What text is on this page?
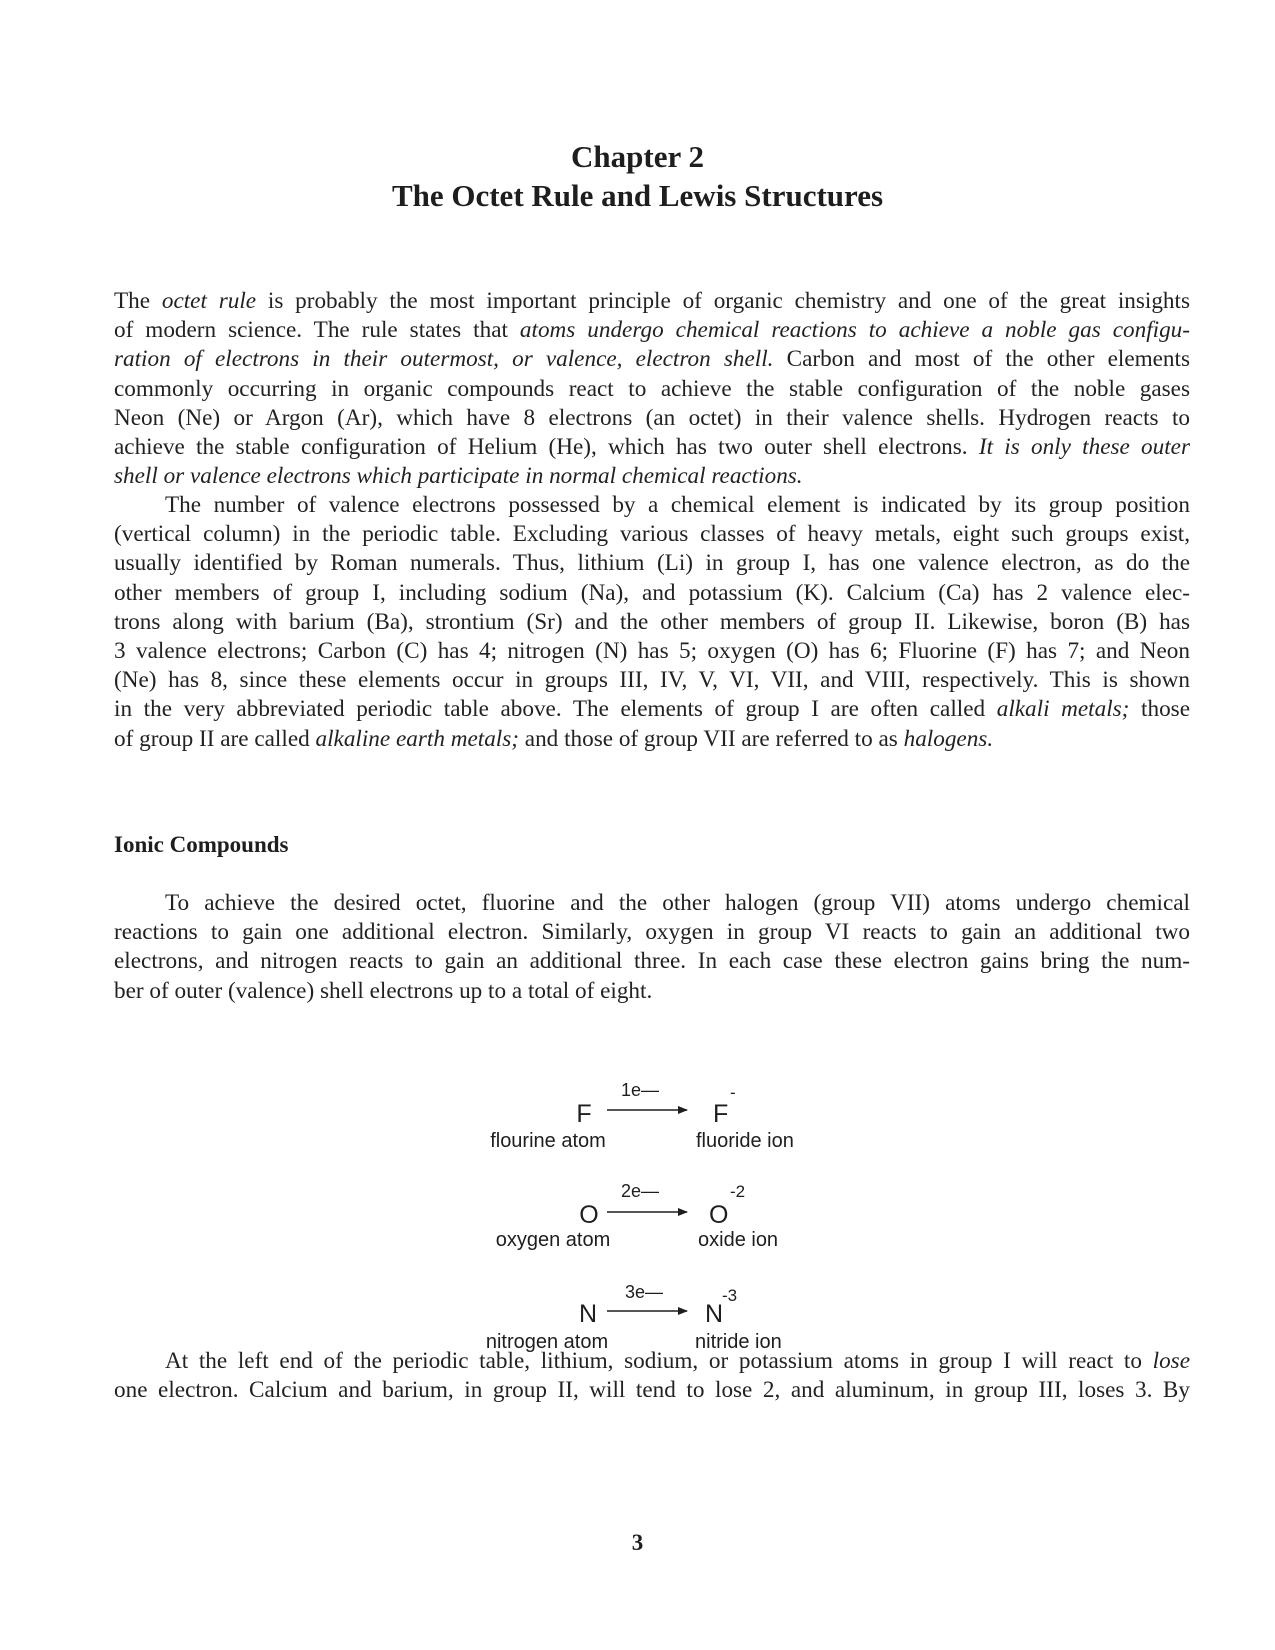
Chapter 2
The Octet Rule and Lewis Structures
The octet rule is probably the most important principle of organic chemistry and one of the great insights
of modern science. The rule states that atoms undergo chemical reactions to achieve a noble gas configu-
ration of electrons in their outermost, or valence, electron shell. Carbon and most of the other elements
commonly occurring in organic compounds react to achieve the stable configuration of the noble gases
Neon (Ne) or Argon (Ar), which have 8 electrons (an octet) in their valence shells. Hydrogen reacts to
achieve the stable configuration of Helium (He), which has two outer shell electrons. It is only these outer
shell or valence electrons which participate in normal chemical reactions.
The number of valence electrons possessed by a chemical element is indicated by its group position
(vertical column) in the periodic table. Excluding various classes of heavy metals, eight such groups exist,
usually identified by Roman numerals. Thus, lithium (Li) in group I, has one valence electron, as do the
other members of group I, including sodium (Na), and potassium (K). Calcium (Ca) has 2 valence elec-
trons along with barium (Ba), strontium (Sr) and the other members of group II. Likewise, boron (B) has
3 valence electrons; Carbon (C) has 4; nitrogen (N) has 5; oxygen (O) has 6; Fluorine (F) has 7; and Neon
(Ne) has 8, since these elements occur in groups III, IV, V, VI, VII, and VIII, respectively. This is shown
in the very abbreviated periodic table above. The elements of group I are often called alkali metals; those
of group II are called alkaline earth metals; and those of group VII are referred to as halogens.
Ionic Compounds
To achieve the desired octet, fluorine and the other halogen (group VII) atoms undergo chemical
reactions to gain one additional electron. Similarly, oxygen in group VI reacts to gain an additional two
electrons, and nitrogen reacts to gain an additional three. In each case these electron gains bring the num-
ber of outer (valence) shell electrons up to a total of eight.
F
1e—
F
-
flourine atom	fluoride ion
O
2e—
O
-2
oxygen atom	oxide ion
N
3e—
N
-3
nitrogen atom	nitride ion
At the left end of the periodic table, lithium, sodium, or potassium atoms in group I will react to lose
one electron. Calcium and barium, in group II, will tend to lose 2, and aluminum, in group III, loses 3. By
3
